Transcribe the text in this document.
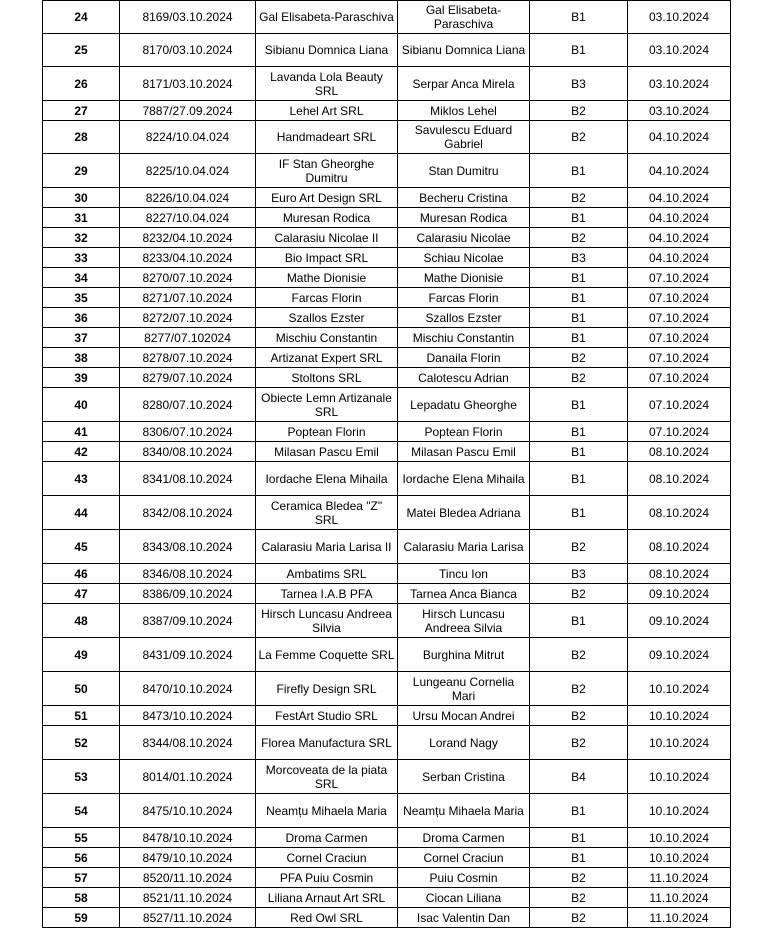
24	8169/03.10.2024	Gal Elisabeta-Paraschiva	Gal Elisabeta-Paraschiva	B1	03.10.2024
25	8170/03.10.2024	Sibianu Domnica Liana	Sibianu Domnica Liana	B1	03.10.2024
26	8171/03.10.2024	Lavanda Lola Beauty SRL	Serpar Anca Mirela	B3	03.10.2024
27	7887/27.09.2024	Lehel Art SRL	Miklos Lehel	B2	03.10.2024
28	8224/10.04.024	Handmadeart SRL	Savulescu Eduard Gabriel	B2	04.10.2024
29	8225/10.04.024	IF Stan Gheorghe Dumitru	Stan Dumitru	B1	04.10.2024
30	8226/10.04.024	Euro Art Design SRL	Becheru Cristina	B2	04.10.2024
31	8227/10.04.024	Muresan Rodica	Muresan Rodica	B1	04.10.2024
32	8232/04.10.2024	Calarasiu Nicolae II	Calarasiu Nicolae	B2	04.10.2024
33	8233/04.10.2024	Bio Impact SRL	Schiau Nicolae	B3	04.10.2024
34	8270/07.10.2024	Mathe Dionisie	Mathe Dionisie	B1	07.10.2024
35	8271/07.10.2024	Farcas Florin	Farcas Florin	B1	07.10.2024
36	8272/07.10.2024	Szallos Ezster	Szallos Ezster	B1	07.10.2024
37	8277/07.102024	Mischiu Constantin	Mischiu Constantin	B1	07.10.2024
38	8278/07.10.2024	Artizanat Expert SRL	Danaila Florin	B2	07.10.2024
39	8279/07.10.2024	Stoltons SRL	Calotescu Adrian	B2	07.10.2024
40	8280/07.10.2024	Obiecte Lemn Artizanale SRL	Lepadatu Gheorghe	B1	07.10.2024
41	8306/07.10.2024	Poptean Florin	Poptean Florin	B1	07.10.2024
42	8340/08.10.2024	Milasan Pascu Emil	Milasan Pascu Emil	B1	08.10.2024
43	8341/08.10.2024	Iordache Elena Mihaila	Iordache Elena Mihaila	B1	08.10.2024
44	8342/08.10.2024	Ceramica Bledea "Z" SRL	Matei Bledea Adriana	B1	08.10.2024
45	8343/08.10.2024	Calarasiu Maria Larisa II	Calarasiu Maria Larisa	B2	08.10.2024
46	8346/08.10.2024	Ambatims SRL	Tincu Ion	B3	08.10.2024
47	8386/09.10.2024	Tarnea I.A.B PFA	Tarnea Anca Bianca	B2	09.10.2024
48	8387/09.10.2024	Hirsch Luncasu Andreea Silvia	Hirsch Luncasu Andreea Silvia	B1	09.10.2024
49	8431/09.10.2024	La Femme Coquette SRL	Burghina Mitrut	B2	09.10.2024
50	8470/10.10.2024	Firefly Design SRL	Lungeanu Cornelia Mari	B2	10.10.2024
51	8473/10.10.2024	FestArt Studio SRL	Ursu Mocan Andrei	B2	10.10.2024
52	8344/08.10.2024	Florea Manufactura SRL	Lorand Nagy	B2	10.10.2024
53	8014/01.10.2024	Morcoveata de la piata SRL	Serban Cristina	B4	10.10.2024
54	8475/10.10.2024	Neamțu Mihaela Maria	Neamțu Mihaela Maria	B1	10.10.2024
55	8478/10.10.2024	Droma Carmen	Droma Carmen	B1	10.10.2024
56	8479/10.10.2024	Cornel Craciun	Cornel Craciun	B1	10.10.2024
57	8520/11.10.2024	PFA Puiu Cosmin	Puiu Cosmin	B2	11.10.2024
58	8521/11.10.2024	Liliana Arnaut Art SRL	Ciocan Liliana	B2	11.10.2024
59	8527/11.10.2024	Red Owl SRL	Isac Valentin Dan	B2	11.10.2024
